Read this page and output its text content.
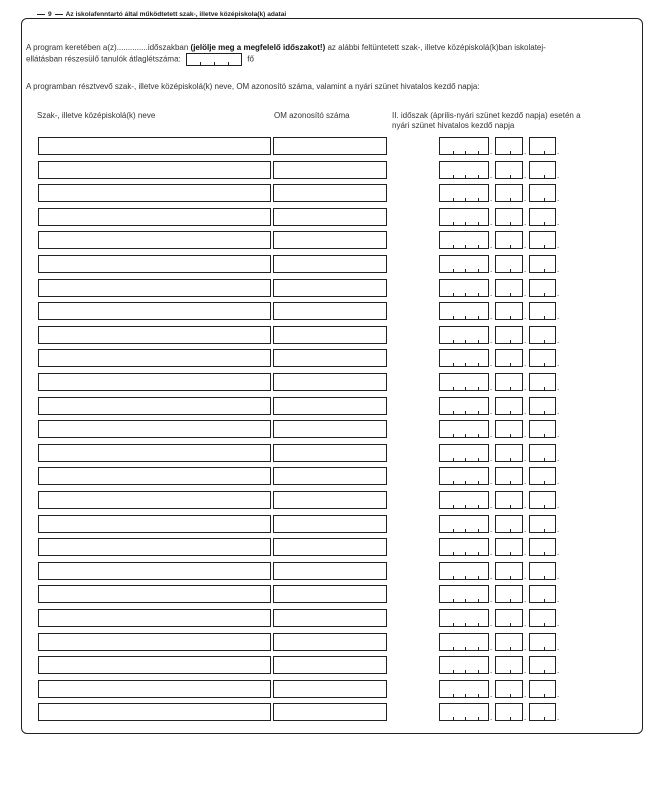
9 Az iskolafenntartó által működtetett szak-, illetve középiskola(k) adatai
A program keretében a(z)..............időszakban (jelölje meg a megfelelő időszakot!) az alábbi feltüntetett szak-, illetve középiskolá(k)ban iskolatej-
ellátásban részesülő tanulók átlaglétszáma:	fő
A programban résztvevő szak-, illetve középiskolá(k) neve, OM azonosító száma, valamint a nyári szünet hivatalos kezdő napja:
Szak-, illetve középiskolá(k) neve	OM azonosító száma	II. időszak (április-nyári szünet kezdő napja) esetén a
nyári szünet hivatalos kezdő napja
.	.	.
.	.	.
.	.	.
.	.	.
.	.	.
.	.	.
.	.	.
.	.	.
.	.	.
.	.	.
.	.	.
.	.	.
.	.	.
.	.	.
.	.	.
.	.	.
.	.	.
.	.	.
.	.	.
.	.	.
.	.	.
.	.	.
.	.	.
.	.	.
.	.	.
